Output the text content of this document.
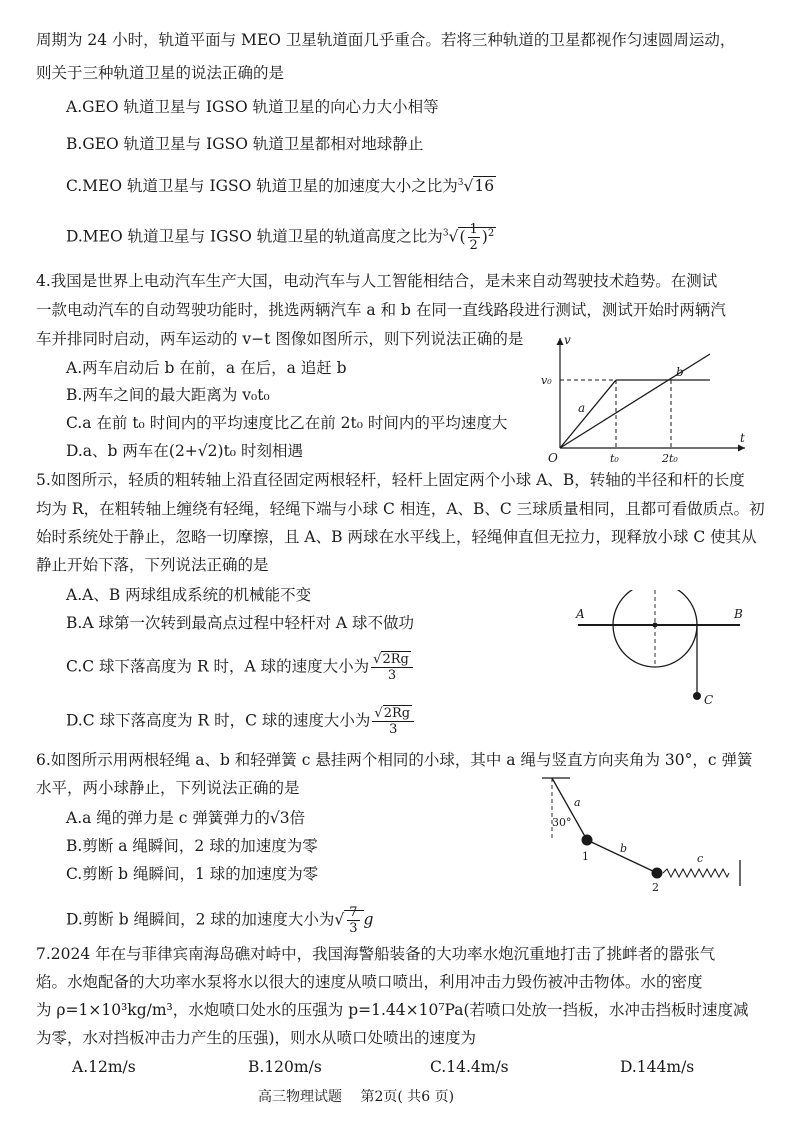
周期为 24 小时，轨道平面与 MEO 卫星轨道面几乎重合。若将三种轨道的卫星都视作匀速圆周运动，
则关于三种轨道卫星的说法正确的是
A.GEO 轨道卫星与 IGSO 轨道卫星的向心力大小相等
B.GEO 轨道卫星与 IGSO 轨道卫星都相对地球静止
C.MEO 轨道卫星与 IGSO 轨道卫星的加速度大小之比为$^3$√16
D.MEO 轨道卫星与 IGSO 轨道卫星的轨道高度之比为$^3√( \frac{1}{2} )^2$
4.我国是世界上电动汽车生产大国，电动汽车与人工智能相结合，是未来自动驾驶技术趋势。在测试
一款电动汽车的自动驾驶功能时，挑选两辆汽车 a 和 b 在同一直线路段进行测试，测试开始时两辆汽
车并排同时启动，两车运动的 v−t 图像如图所示，则下列说法正确的是
A.两车启动后 b 在前，a 在后，a 追赶 b
B.两车之间的最大距离为 v₀t₀
C.a 在前 t₀ 时间内的平均速度比乙在前 2t₀ 时间内的平均速度大
D.a、b 两车在(2+√2)t₀ 时刻相遇
v
t
O
v₀
t₀	2t₀
a
b
5.如图所示，轻质的粗转轴上沿直径固定两根轻杆，轻杆上固定两个小球 A、B，转轴的半径和杆的长度
均为 R，在粗转轴上缠绕有轻绳，轻绳下端与小球 C 相连，A、B、C 三球质量相同，且都可看做质点。初
始时系统处于静止，忽略一切摩擦，且 A、B 两球在水平线上，轻绳伸直但无拉力，现释放小球 C 使其从
静止开始下落，下列说法正确的是
A.A、B 两球组成系统的机械能不变
B.A 球第一次转到最高点过程中轻杆对 A 球不做功
C.C 球下落高度为 R 时，A 球的速度大小为 $\frac{√2Rg}{3}$
D.C 球下落高度为 R 时，C 球的速度大小为 $\frac{√2Rg}{3}$
A	B
C
6.如图所示用两根轻绳 a、b 和轻弹簧 c 悬挂两个相同的小球，其中 a 绳与竖直方向夹角为 30°，c 弹簧
水平，两小球静止，下列说法正确的是
A.a 绳的弹力是 c 弹簧弹力的√3倍
B.剪断 a 绳瞬间，2 球的加速度为零
C.剪断 b 绳瞬间，1 球的加速度为零
D.剪断 b 绳瞬间，2 球的加速度大小为√ $\frac{7}{3}$ g
a
30°
b
c
1
2
7.2024 年在与菲律宾南海岛礁对峙中，我国海警船装备的大功率水炮沉重地打击了挑衅者的嚣张气
焰。水炮配备的大功率水泵将水以很大的速度从喷口喷出，利用冲击力毁伤被冲击物体。水的密度
为 ρ=1×10³kg/m³，水炮喷口处水的压强为 p=1.44×10⁷Pa(若喷口处放一挡板，水冲击挡板时速度减
为零，水对挡板冲击力产生的压强)，则水从喷口处喷出的速度为
A.12m/s	B.120m/s	C.14.4m/s	D.144m/s
高三物理试题　 第2页( 共6 页)
